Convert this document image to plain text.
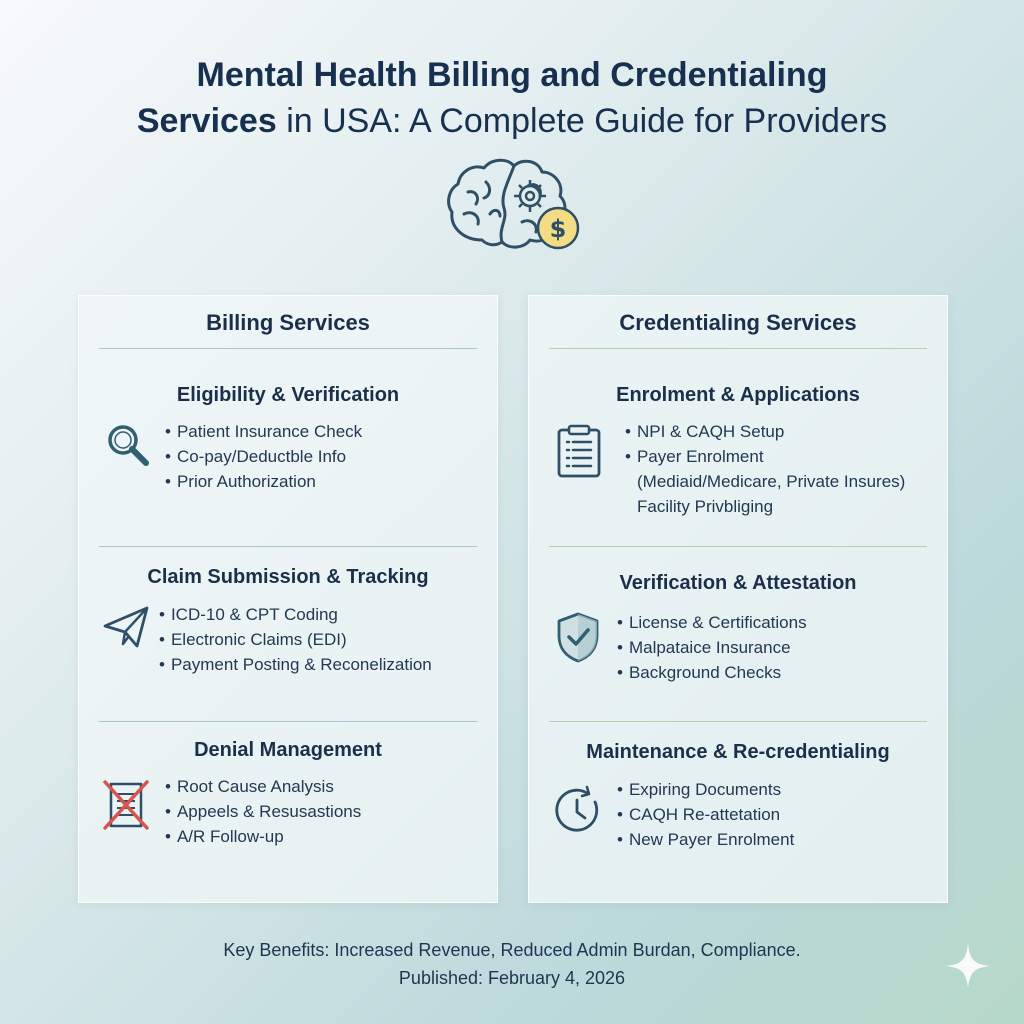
Mental Health Billing and Credentialing
Services in USA: A Complete Guide for Providers
$
Billing Services
Eligibility & Verification
• Patient Insurance Check
• Co-pay/Deductble Info
• Prior Authorization
Claim Submission & Tracking
• ICD-10 & CPT Coding
• Electronic Claims (EDI)
• Payment Posting & Reconelization
Denial Management
• Root Cause Analysis
• Appeels & Resusastions
• A/R Follow-up
Credentialing Services
Enrolment & Applications
• NPI & CAQH Setup
• Payer Enrolment
(Mediaid/Medicare, Private Insures)
Facility Privbliging
Verification & Attestation
• License & Certifications
• Malpataice Insurance
• Background Checks
Maintenance & Re-credentialing
• Expiring Documents
• CAQH Re-attetation
• New Payer Enrolment
Key Benefits: Increased Revenue, Reduced Admin Burdan, Compliance.
Published: February 4, 2026
